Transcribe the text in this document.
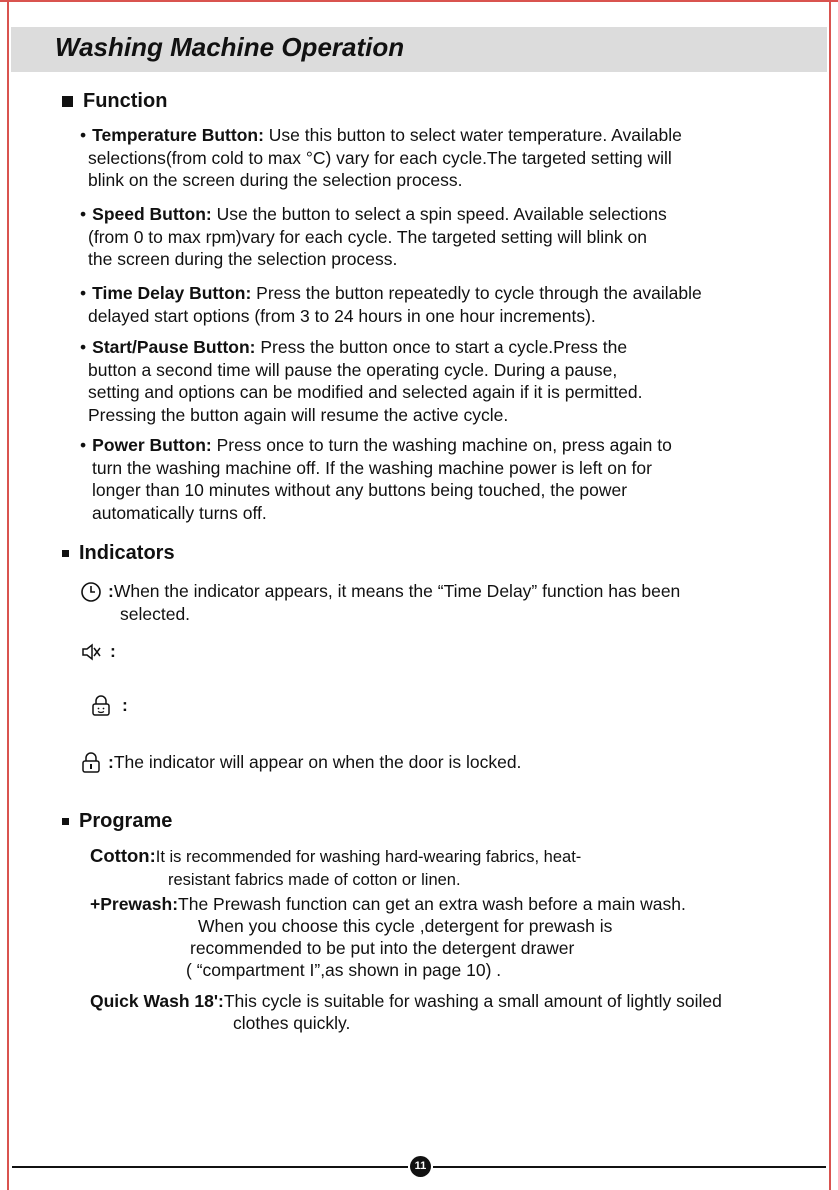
Washing Machine Operation
Function
• Temperature Button: Use this button to select water temperature. Available
selections(from cold to max °C) vary for each cycle.The targeted setting will
blink on the screen during the selection process.
• Speed Button: Use the button to select a spin speed. Available selections
(from 0 to max rpm)vary for each cycle. The targeted setting will blink on
the screen during the selection process.
• Time Delay Button: Press the button repeatedly to cycle through the available
delayed start options (from 3 to 24 hours in one hour increments).
• Start/Pause Button: Press the button once to start a cycle.Press the
button a second time will pause the operating cycle. During a pause,
setting and options can be modified and selected again if it is permitted.
Pressing the button again will resume the active cycle.
• Power Button: Press once to turn the washing machine on, press again to
turn the washing machine off. If the washing machine power is left on for
longer than 10 minutes without any buttons being touched, the power
automatically turns off.
Indicators
:When the indicator appears, it means the “Time Delay” function has been
selected.
:
:
:The indicator will appear on when the door is locked.
Programe
Cotton:It is recommended for washing hard-wearing fabrics, heat-
resistant fabrics made of cotton or linen.
+Prewash:The Prewash function can get an extra wash before a main wash.
When you choose this cycle ,detergent for prewash is
recommended to be put into the detergent drawer
( “compartment I”,as shown in page 10) .
Quick Wash 18':This cycle is suitable for washing a small amount of lightly soiled
clothes quickly.
11
